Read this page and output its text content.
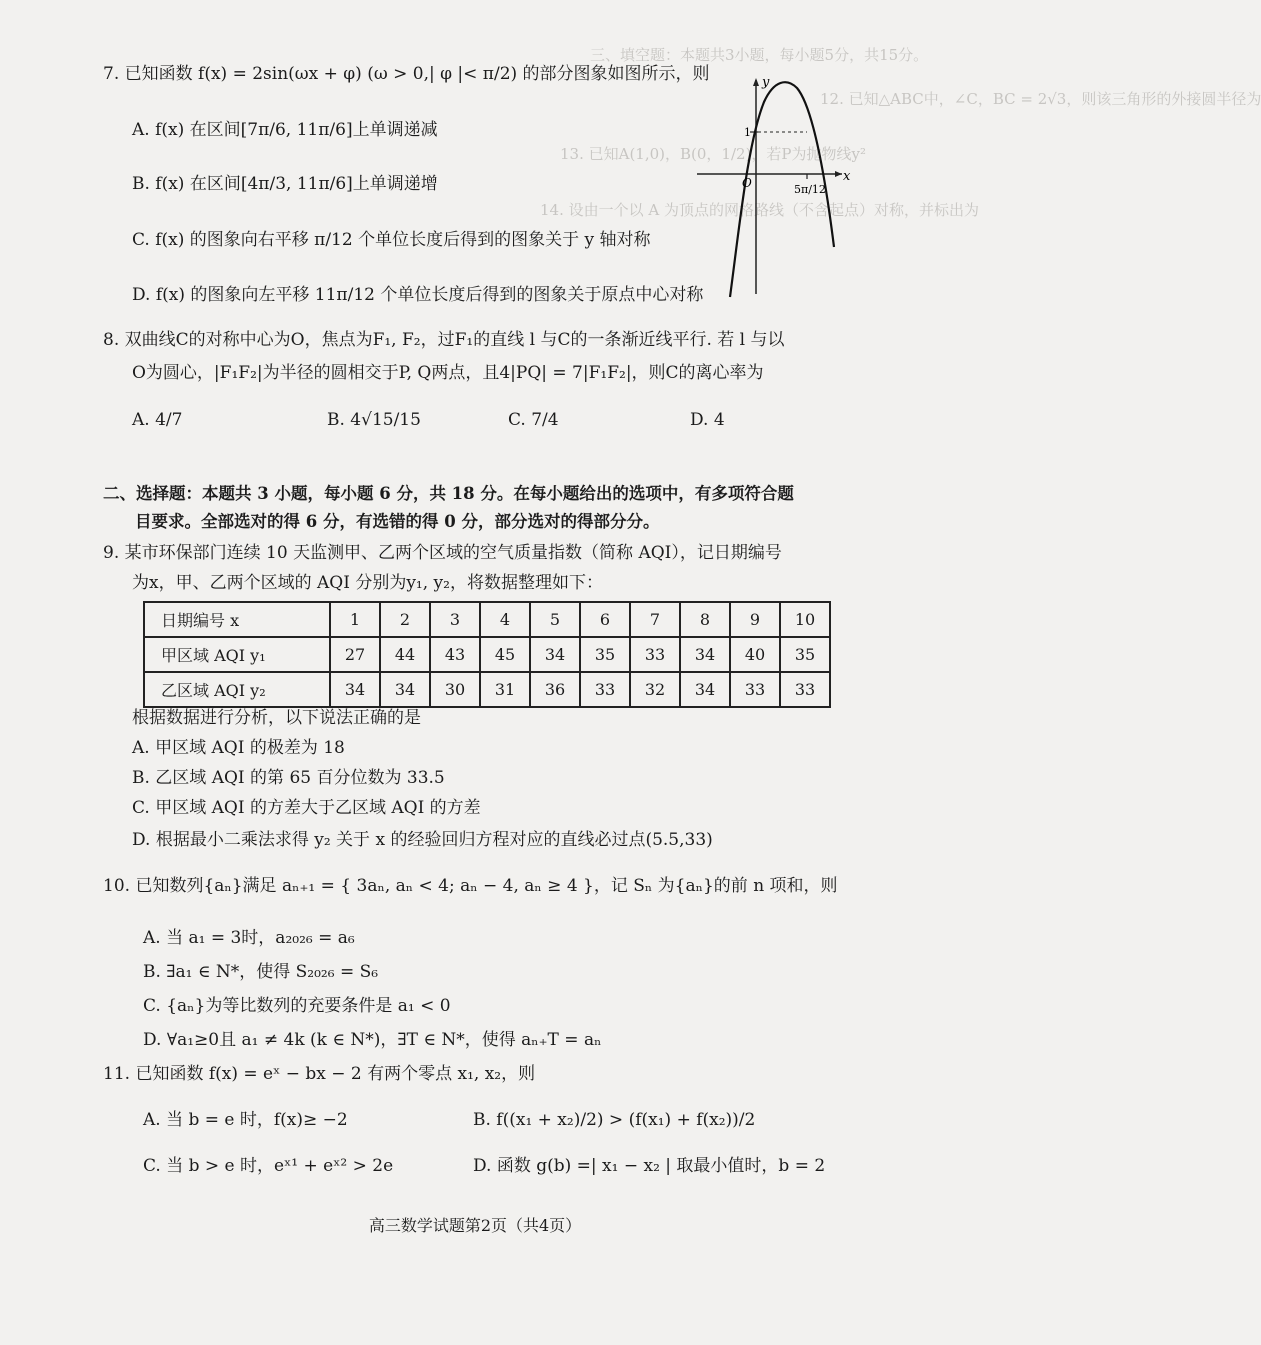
三、填空题：本题共3小题，每小题5分，共15分。
12. 已知△ABC中，∠C，BC = 2√3，则该三角形的外接圆半径为
13. 已知A(1,0)，B(0，1/2)，若P为抛物线y²
14. 设由一个以 A 为顶点的网格路线（不含起点）对称，并标出为
7. 已知函数 f(x) = 2sin(ωx + φ) (ω > 0,| φ |< π/2) 的部分图象如图所示，则
A. f(x) 在区间[7π/6, 11π/6]上单调递减
B. f(x) 在区间[4π/3, 11π/6]上单调递增
C. f(x) 的图象向右平移 π/12 个单位长度后得到的图象关于 y 轴对称
D. f(x) 的图象向左平移 11π/12 个单位长度后得到的图象关于原点中心对称
y
x
O
1
5π/12
8. 双曲线C的对称中心为O，焦点为F₁, F₂，过F₁的直线 l 与C的一条渐近线平行. 若 l 与以
O为圆心，|F₁F₂|为半径的圆相交于P, Q两点，且4|PQ| = 7|F₁F₂|，则C的离心率为
A. 4/7	B. 4√15/15	C. 7/4	D. 4
二、选择题：本题共 3 小题，每小题 6 分，共 18 分。在每小题给出的选项中，有多项符合题
目要求。全部选对的得 6 分，有选错的得 0 分，部分选对的得部分分。
9. 某市环保部门连续 10 天监测甲、乙两个区域的空气质量指数（简称 AQI），记日期编号
为x，甲、乙两个区域的 AQI 分别为y₁, y₂，将数据整理如下：
日期编号 x	1	2	3	4	5	6	7	8	9	10
甲区域 AQI y₁	27	44	43	45	34	35	33	34	40	35
乙区域 AQI y₂	34	34	30	31	36	33	32	34	33	33
根据数据进行分析，以下说法正确的是
A. 甲区域 AQI 的极差为 18
B. 乙区域 AQI 的第 65 百分位数为 33.5
C. 甲区域 AQI 的方差大于乙区域 AQI 的方差
D. 根据最小二乘法求得 y₂ 关于 x 的经验回归方程对应的直线必过点(5.5,33)
10. 已知数列{aₙ}满足 aₙ₊₁ = { 3aₙ, aₙ < 4; aₙ − 4, aₙ ≥ 4 }，记 Sₙ 为{aₙ}的前 n 项和，则
A. 当 a₁ = 3时，a₂₀₂₆ = a₆
B. ∃a₁ ∈ N*，使得 S₂₀₂₆ = S₆
C. {aₙ}为等比数列的充要条件是 a₁ < 0
D. ∀a₁≥0且 a₁ ≠ 4k (k ∈ N*)，∃T ∈ N*，使得 aₙ₊T = aₙ
11. 已知函数 f(x) = eˣ − bx − 2 有两个零点 x₁, x₂，则
A. 当 b = e 时，f(x)≥ −2	B. f((x₁ + x₂)/2) > (f(x₁) + f(x₂))/2
C. 当 b > e 时，eˣ¹ + eˣ² > 2e	D. 函数 g(b) =| x₁ − x₂ | 取最小值时，b = 2
高三数学试题第2页（共4页）
